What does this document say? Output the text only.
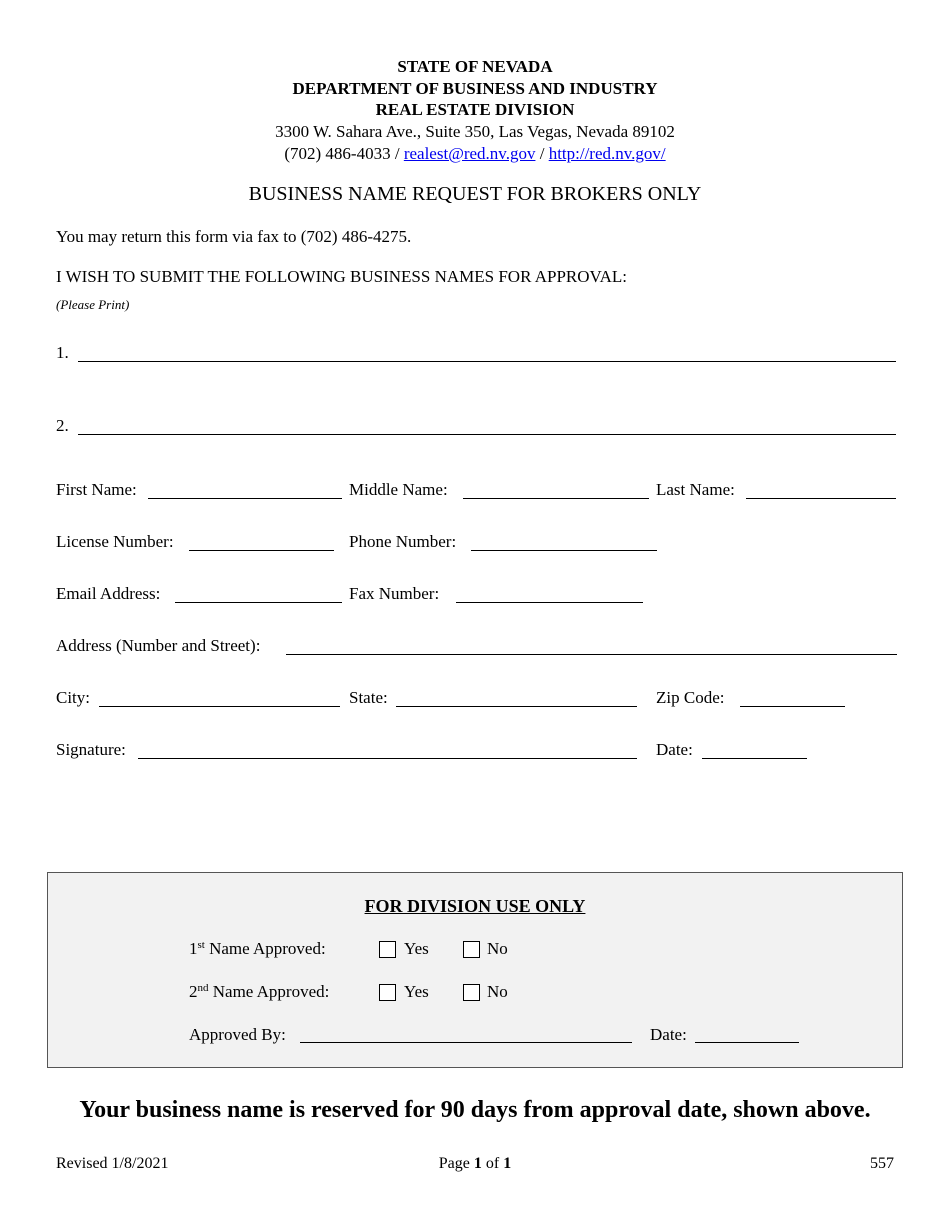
STATE OF NEVADA
DEPARTMENT OF BUSINESS AND INDUSTRY
REAL ESTATE DIVISION
3300 W. Sahara Ave., Suite 350, Las Vegas, Nevada 89102
(702) 486-4033 / realest@red.nv.gov / http://red.nv.gov/
BUSINESS NAME REQUEST FOR BROKERS ONLY
You may return this form via fax to (702) 486-4275.
I WISH TO SUBMIT THE FOLLOWING BUSINESS NAMES FOR APPROVAL:
(Please Print)
1.
2.
First Name:	Middle Name:	Last Name:
License Number:	Phone Number:
Email Address:	Fax Number:
Address (Number and Street):
City:	State:	Zip Code:
Signature:	Date:
FOR DIVISION USE ONLY
1st Name Approved:	Yes	No
2nd Name Approved:	Yes	No
Approved By:	Date:
Your business name is reserved for 90 days from approval date, shown above.
Revised 1/8/2021	Page 1 of 1	557
